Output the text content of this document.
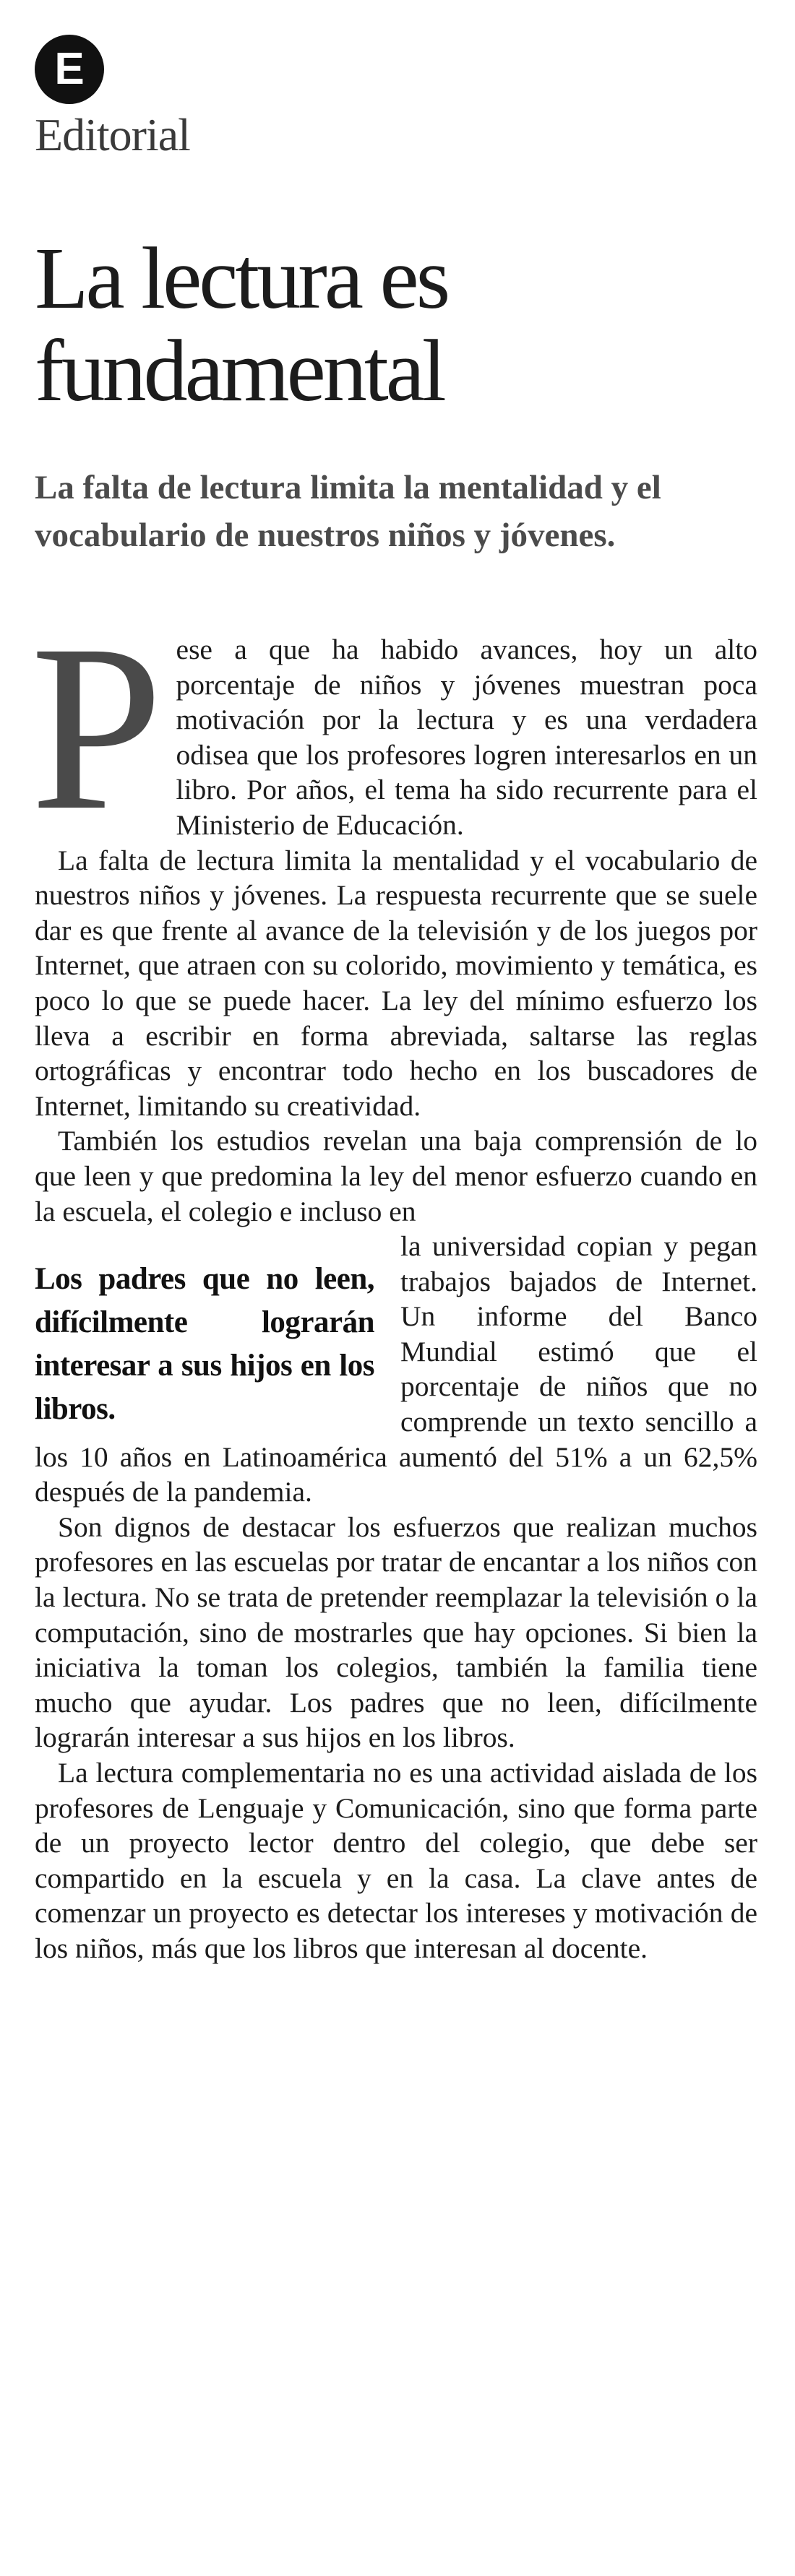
E
Editorial
La lectura es fundamental

La falta de lectura limita la mentalidad y el vocabulario de nuestros niños y jóvenes.

Pese a que ha habido avances, hoy un alto porcentaje de niños y jóvenes muestran poca motivación por la lectura y es una verdadera odisea que los profesores logren interesarlos en un libro. Por años, el tema ha sido recurrente para el Ministerio de Educación.

La falta de lectura limita la mentalidad y el vocabulario de nuestros niños y jóvenes. La respuesta recurrente que se suele dar es que frente al avance de la televisión y de los juegos por Internet, que atraen con su colorido, movimiento y temática, es poco lo que se puede hacer. La ley del mínimo esfuerzo los lleva a escribir en forma abreviada, saltarse las reglas ortográficas y encontrar todo hecho en los buscadores de Internet, limitando su creatividad.

También los estudios revelan una baja comprensión de lo que leen y que predomina la ley del menor esfuerzo cuando en la escuela, el colegio e incluso en

Los padres que no leen, difícilmente lograrán interesar a sus hijos en los libros.
la universidad copian y pegan trabajos bajados de Internet. Un informe del Banco Mundial estimó que el porcentaje de niños que no comprende un texto sencillo a los 10 años en Latinoamérica aumentó del 51% a un 62,5% después de la pandemia.

Son dignos de destacar los esfuerzos que realizan muchos profesores en las escuelas por tratar de encantar a los niños con la lectura. No se trata de pretender reemplazar la televisión o la computación, sino de mostrarles que hay opciones. Si bien la iniciativa la toman los colegios, también la familia tiene mucho que ayudar. Los padres que no leen, difícilmente lograrán interesar a sus hijos en los libros.

La lectura complementaria no es una actividad aislada de los profesores de Lenguaje y Comunicación, sino que forma parte de un proyecto lector dentro del colegio, que debe ser compartido en la escuela y en la casa. La clave antes de comenzar un proyecto es detectar los intereses y motivación de los niños, más que los libros que interesan al docente.
